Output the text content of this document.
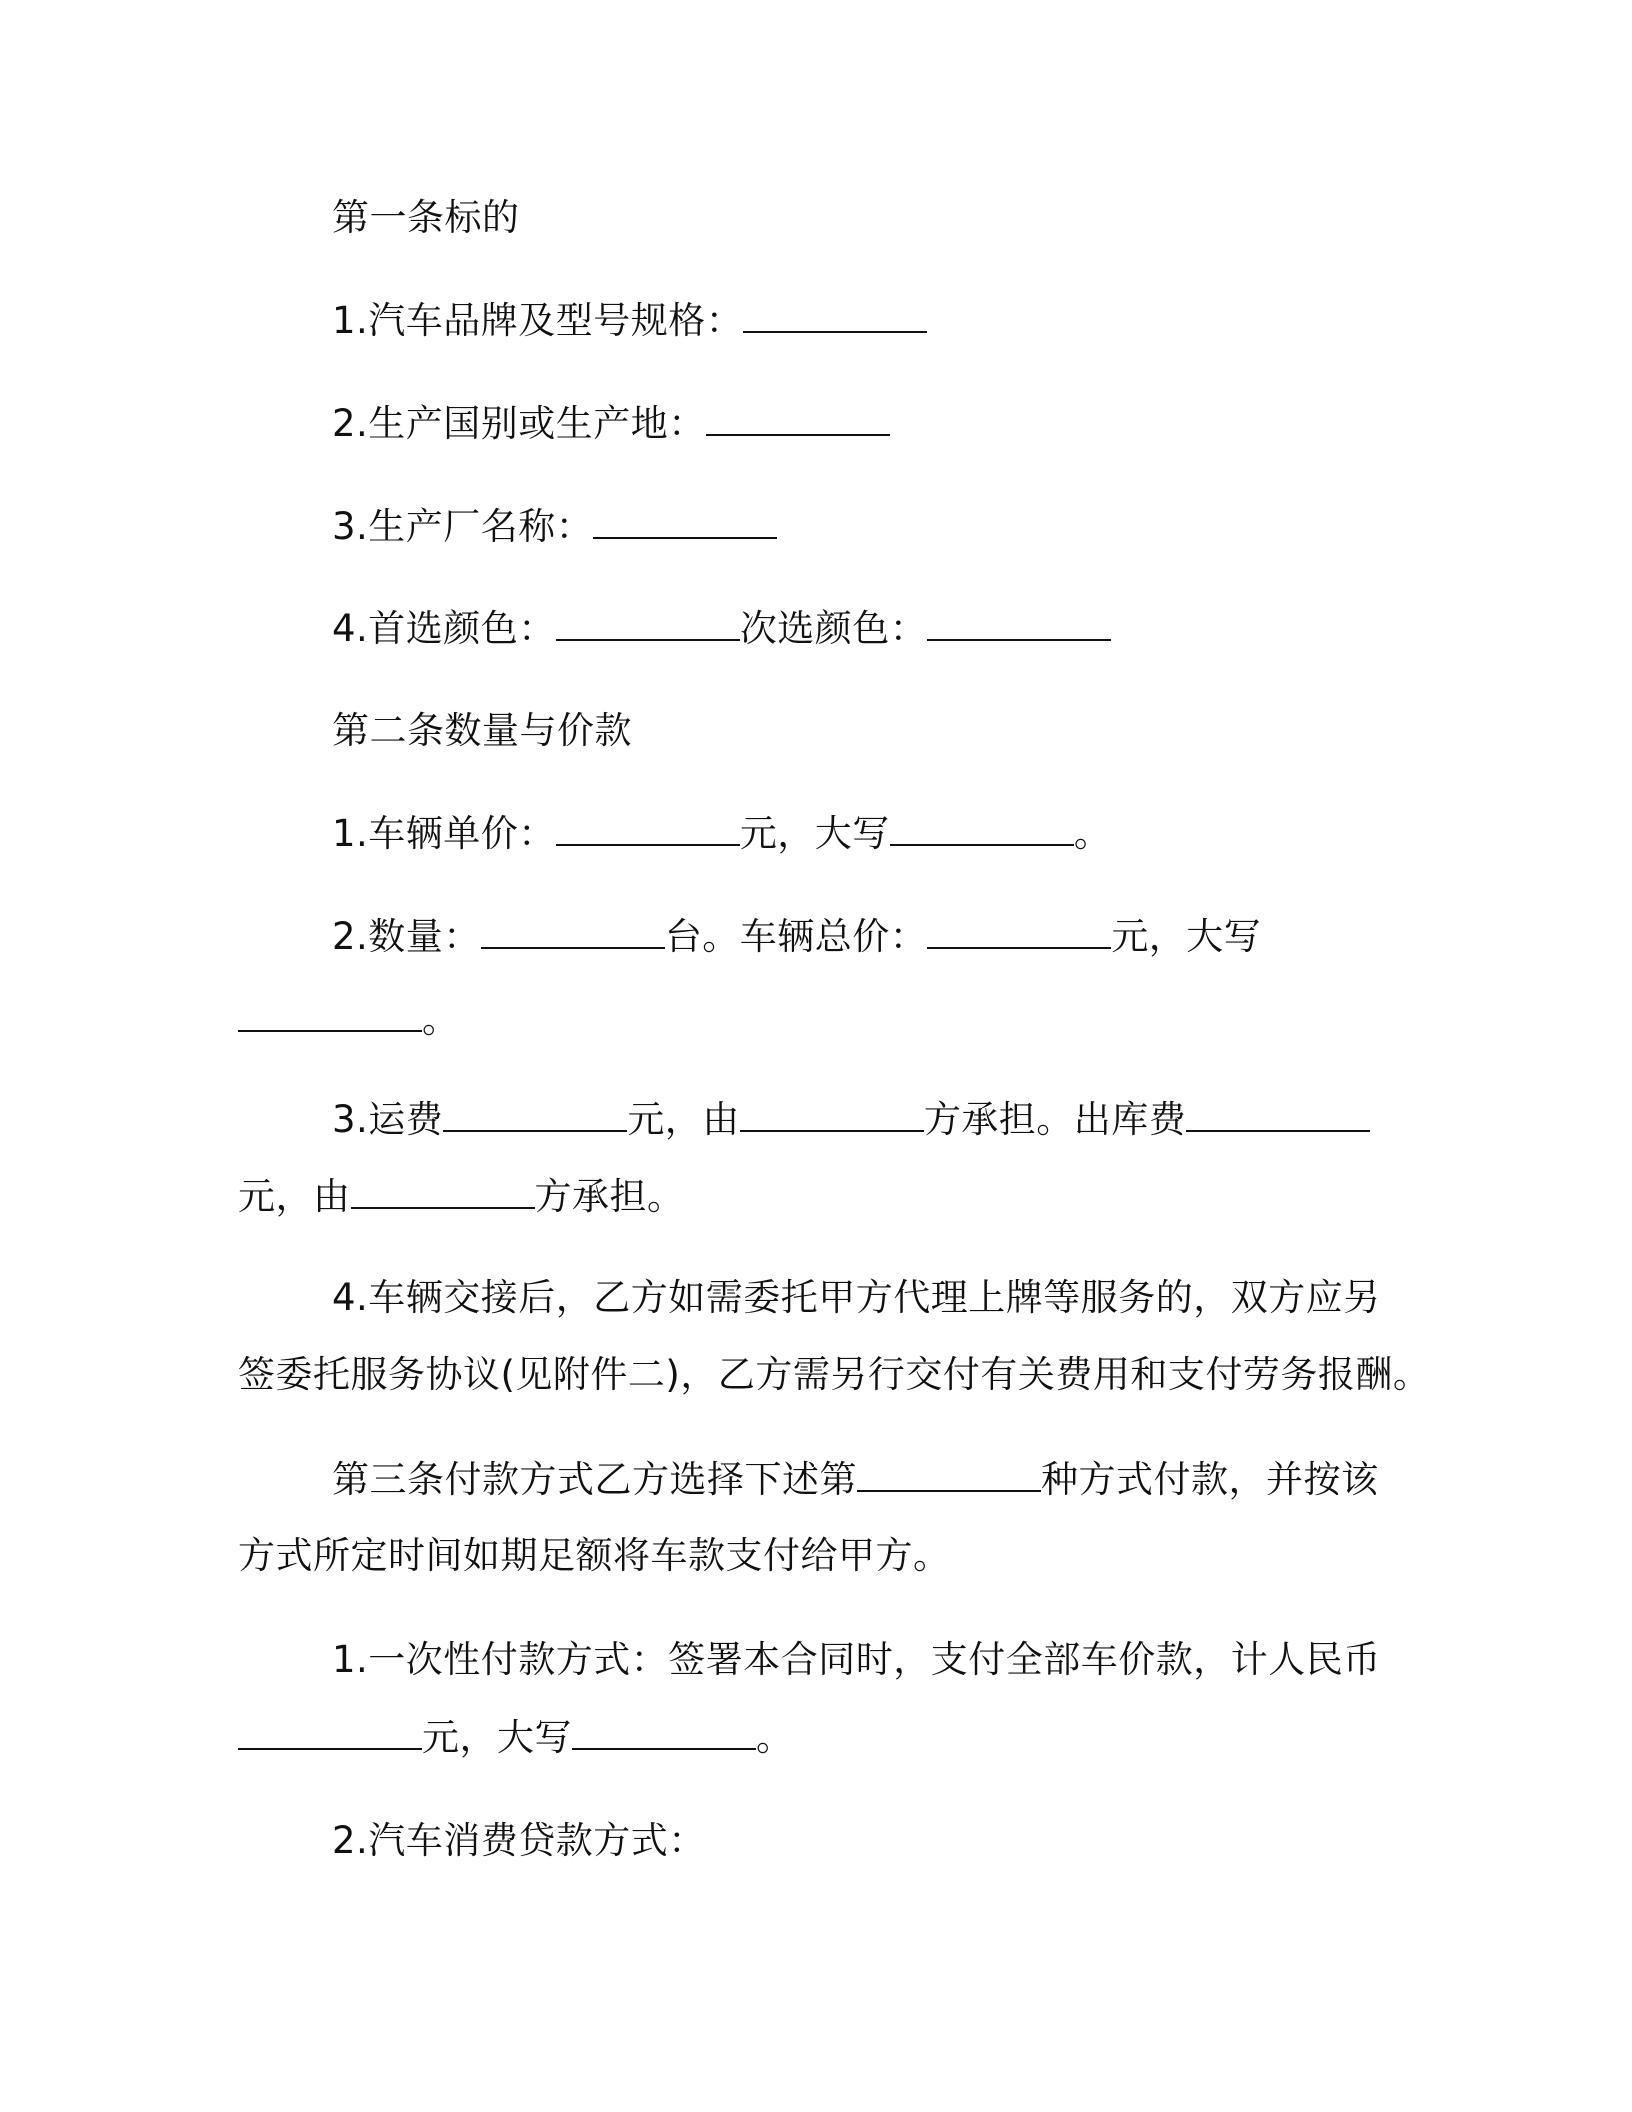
第一条标的

1.汽车品牌及型号规格：

2.生产国别或生产地：

3.生产厂名称：

4.首选颜色：	次选颜色：

第二条数量与价款

1.车辆单价：	元，大写	。

2.数量：	台。车辆总价：	元，大写

。

3.运费	元，由	方承担。出库费

元，由	方承担。

4.车辆交接后，乙方如需委托甲方代理上牌等服务的，双方应另

签委托服务协议(见附件二)，乙方需另行交付有关费用和支付劳务报酬。

第三条付款方式乙方选择下述第	种方式付款，并按该

方式所定时间如期足额将车款支付给甲方。

1.一次性付款方式：签署本合同时，支付全部车价款，计人民币

元，大写	。

2.汽车消费贷款方式：
